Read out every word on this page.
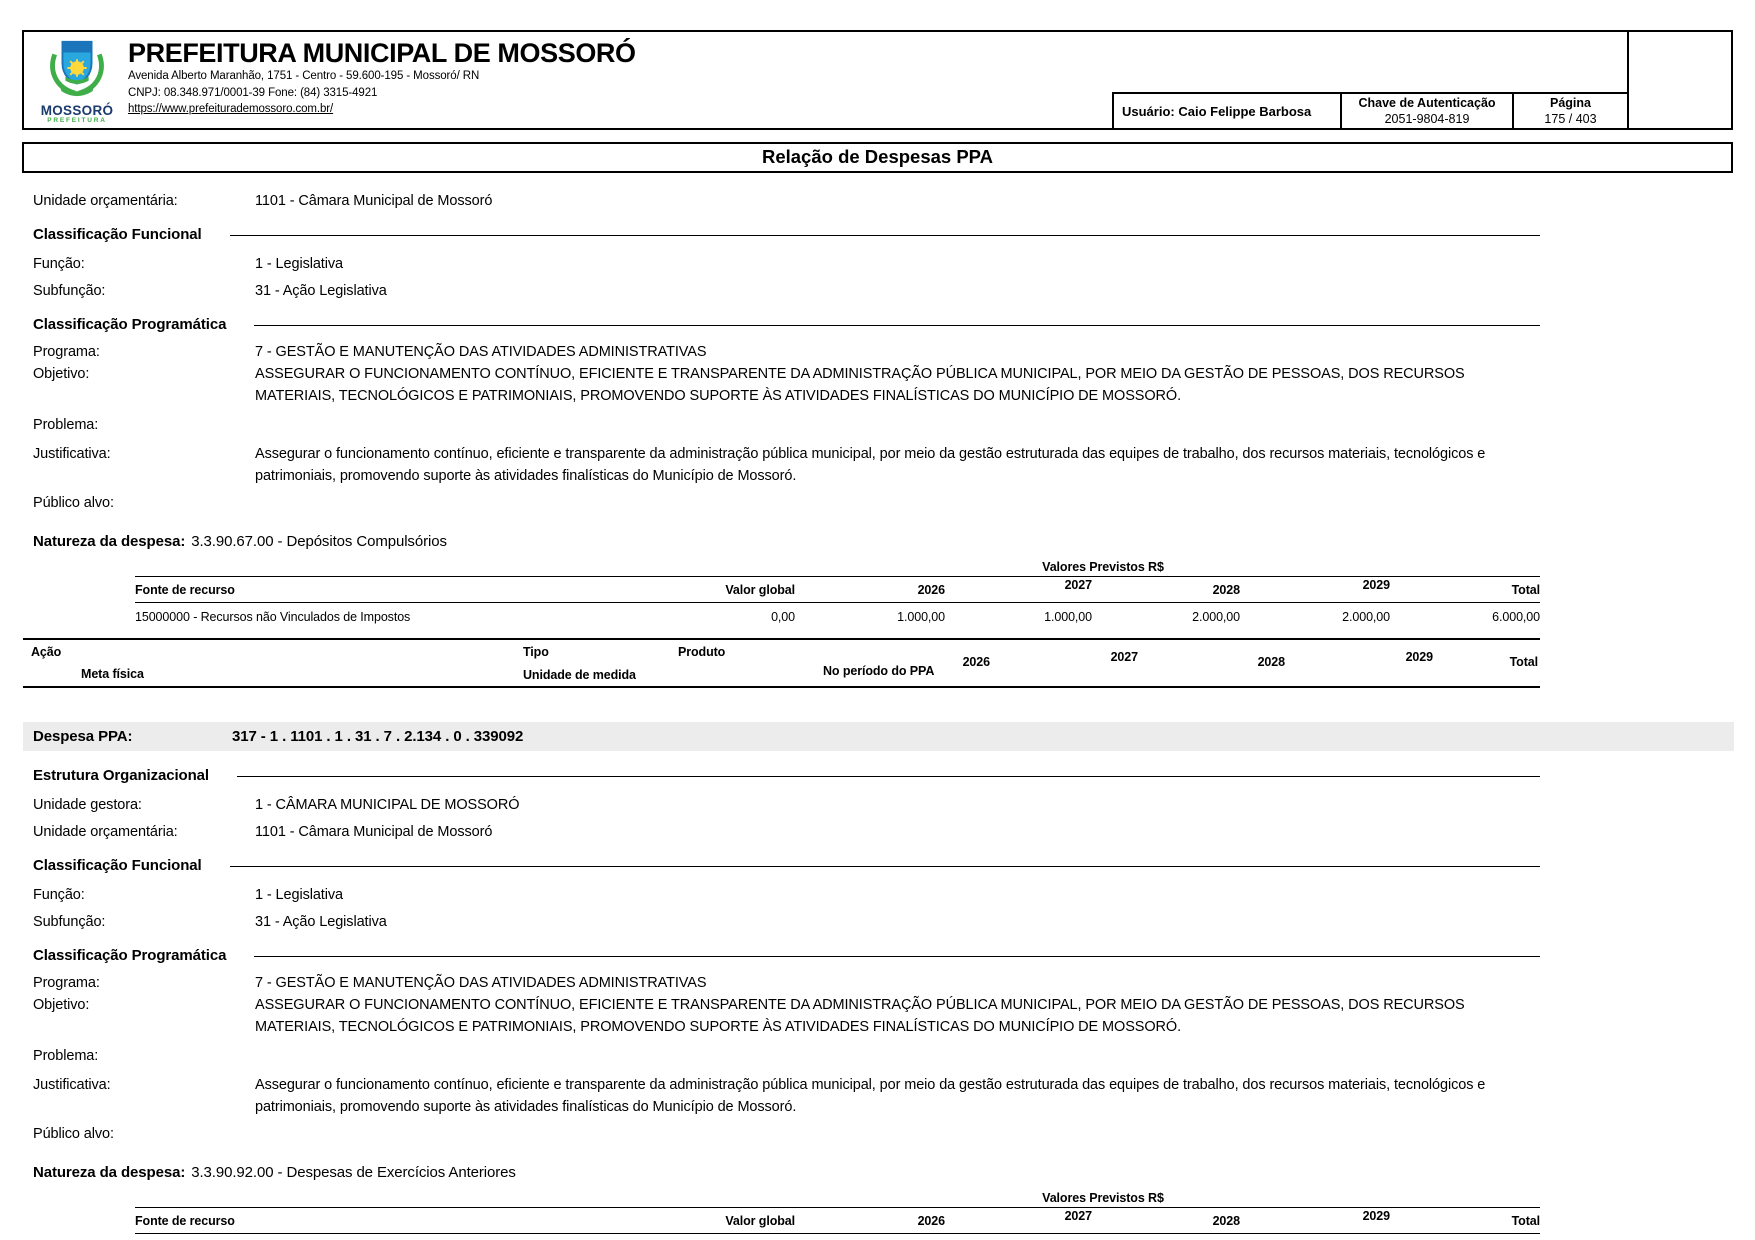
MOSSORÓ
PREFEITURA
PREFEITURA MUNICIPAL DE MOSSORÓ
Avenida Alberto Maranhão, 1751 - Centro - 59.600-195 - Mossoró/ RN
CNPJ: 08.348.971/0001-39 Fone: (84) 3315-4921
https://www.prefeiturademossoro.com.br/	Usuário: Caio Felippe Barbosa
Chave de Autenticação
2051-9804-819
Página
175 / 403
Relação de Despesas PPA
Unidade orçamentária:	1101 - Câmara Municipal de Mossoró
Classificação Funcional
Função:	1 - Legislativa
Subfunção:	31 - Ação Legislativa
Classificação Programática
Programa:	7 - GESTÃO E MANUTENÇÃO DAS ATIVIDADES ADMINISTRATIVAS
Objetivo:	ASSEGURAR O FUNCIONAMENTO CONTÍNUO, EFICIENTE E TRANSPARENTE DA ADMINISTRAÇÃO PÚBLICA MUNICIPAL, POR MEIO DA GESTÃO DE PESSOAS, DOS RECURSOS MATERIAIS, TECNOLÓGICOS E PATRIMONIAIS, PROMOVENDO SUPORTE ÀS ATIVIDADES FINALÍSTICAS DO MUNICÍPIO DE MOSSORÓ.
Problema:
Justificativa:	Assegurar o funcionamento contínuo, eficiente e transparente da administração pública municipal, por meio da gestão estruturada das equipes de trabalho, dos recursos materiais, tecnológicos e patrimoniais, promovendo suporte às atividades finalísticas do Município de Mossoró.
Público alvo:
Natureza da despesa: 3.3.90.67.00 - Depósitos Compulsórios
Valores Previstos R$
Fonte de recurso	Valor global	2026	2027	2028	2029	Total
15000000 - Recursos não Vinculados de Impostos	0,00	1.000,00	1.000,00	2.000,00	2.000,00	6.000,00
Ação	Tipo	Produto
Meta física	Unidade de medida	No período do PPA
2026	2027	2028	2029	Total
Despesa PPA:	317 - 1 . 1101 . 1 . 31 . 7 . 2.134 . 0 . 339092
Estrutura Organizacional
Unidade gestora:	1 - CÂMARA MUNICIPAL DE MOSSORÓ
Unidade orçamentária:	1101 - Câmara Municipal de Mossoró
Classificação Funcional
Função:	1 - Legislativa
Subfunção:	31 - Ação Legislativa
Classificação Programática
Programa:	7 - GESTÃO E MANUTENÇÃO DAS ATIVIDADES ADMINISTRATIVAS
Objetivo:	ASSEGURAR O FUNCIONAMENTO CONTÍNUO, EFICIENTE E TRANSPARENTE DA ADMINISTRAÇÃO PÚBLICA MUNICIPAL, POR MEIO DA GESTÃO DE PESSOAS, DOS RECURSOS MATERIAIS, TECNOLÓGICOS E PATRIMONIAIS, PROMOVENDO SUPORTE ÀS ATIVIDADES FINALÍSTICAS DO MUNICÍPIO DE MOSSORÓ.
Problema:
Justificativa:	Assegurar o funcionamento contínuo, eficiente e transparente da administração pública municipal, por meio da gestão estruturada das equipes de trabalho, dos recursos materiais, tecnológicos e patrimoniais, promovendo suporte às atividades finalísticas do Município de Mossoró.
Público alvo:
Natureza da despesa: 3.3.90.92.00 - Despesas de Exercícios Anteriores
Valores Previstos R$
Fonte de recurso	Valor global	2026	2027	2028	2029	Total
